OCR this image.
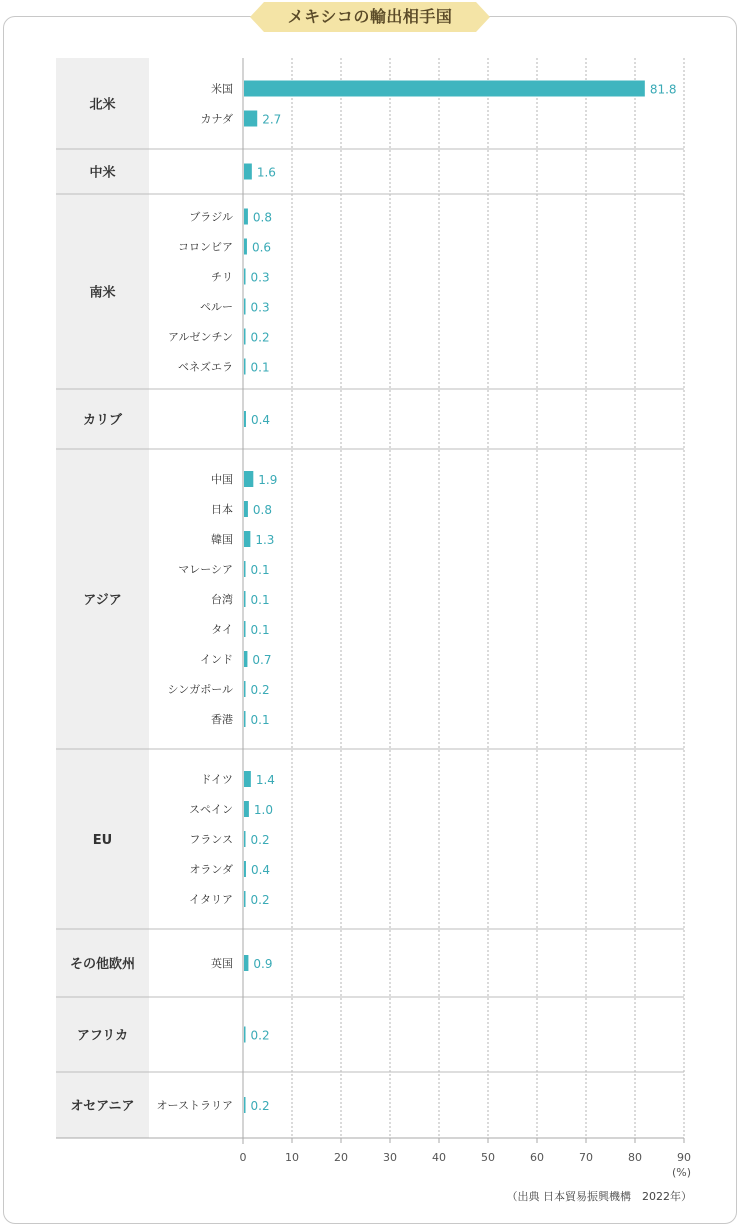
メキシコの輸出相手国
北米
米国	81.8
カナダ 2.7
中米	1.6
南米
ブラジル 0.8
コロンビア 0.6
チリ 0.3
ペルー 0.3
アルゼンチン 0.2
ベネズエラ 0.1
カリブ	0.4
アジア
中国 1.9
日本 0.8
韓国 1.3
マレーシア 0.1
台湾 0.1
タイ 0.1
インド 0.7
シンガポール 0.2
香港 0.1
EU
ドイツ 1.4
スペイン 1.0
フランス 0.2
オランダ 0.4
イタリア 0.2
その他欧州	英国 0.9
アフリカ	0.2
オセアニア オーストラリア 0.2
0	10	20	30	40	50	60	70	80	90
(%)
（出典 日本貿易振興機構　2022年）
